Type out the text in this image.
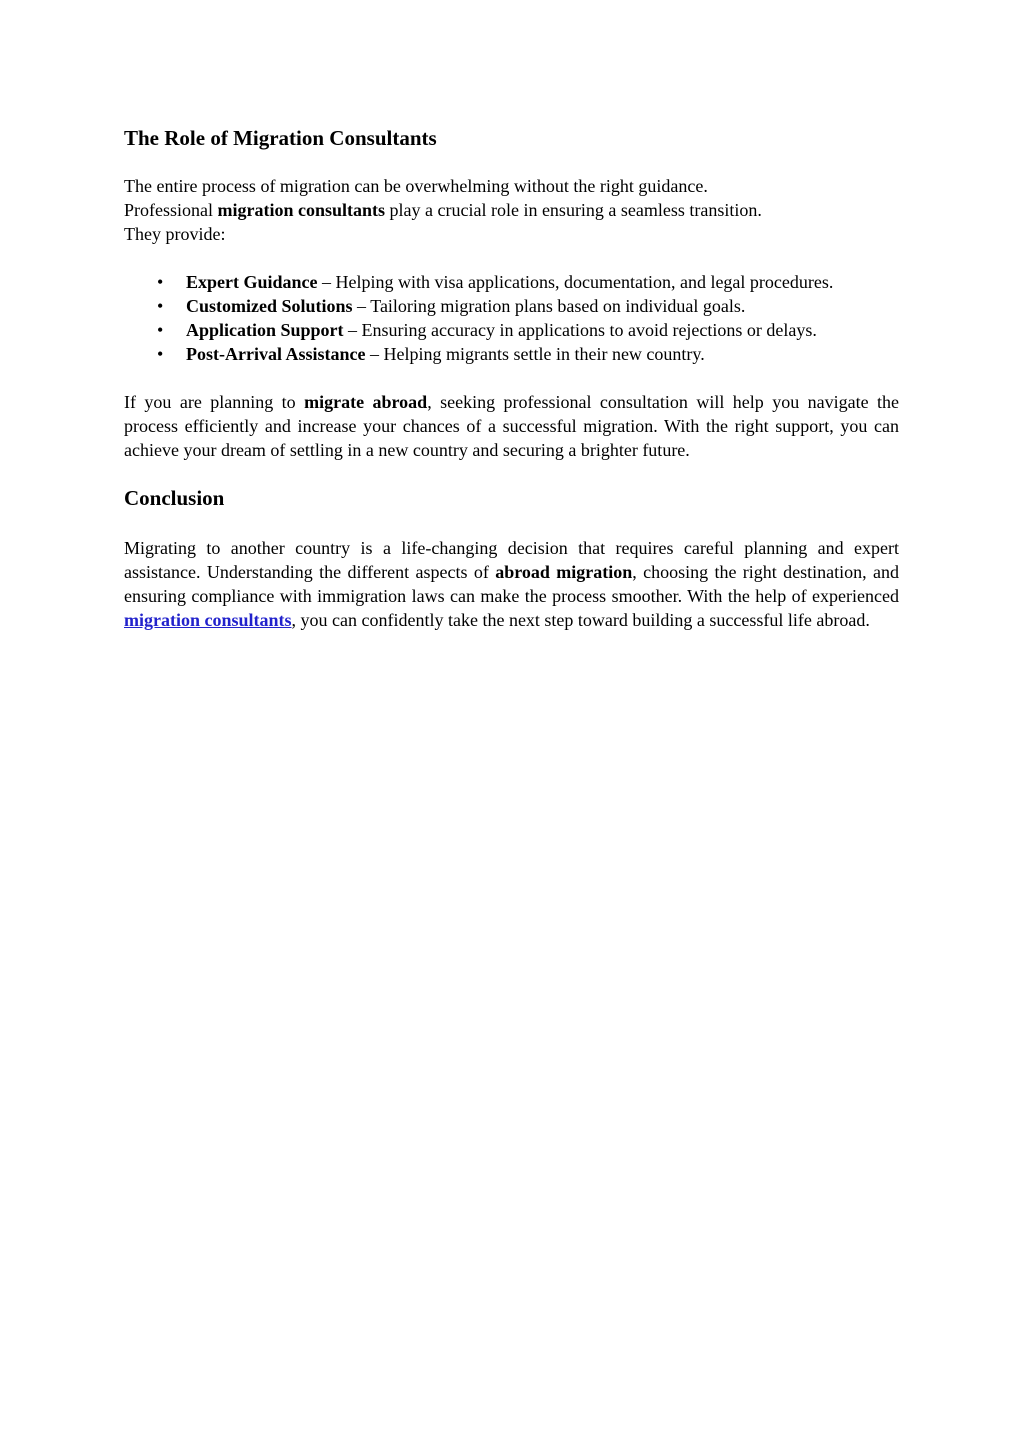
The Role of Migration Consultants

The entire process of migration can be overwhelming without the right guidance.
Professional migration consultants play a crucial role in ensuring a seamless transition.
They provide:

• Expert Guidance – Helping with visa applications, documentation, and legal procedures.
• Customized Solutions – Tailoring migration plans based on individual goals.
• Application Support – Ensuring accuracy in applications to avoid rejections or delays.
• Post-Arrival Assistance – Helping migrants settle in their new country.

If you are planning to migrate abroad, seeking professional consultation will help you navigate the process efficiently and increase your chances of a successful migration. With the right support, you can achieve your dream of settling in a new country and securing a brighter future.

Conclusion

Migrating to another country is a life-changing decision that requires careful planning and expert assistance. Understanding the different aspects of abroad migration, choosing the right destination, and ensuring compliance with immigration laws can make the process smoother. With the help of experienced migration consultants, you can confidently take the next step toward building a successful life abroad.
